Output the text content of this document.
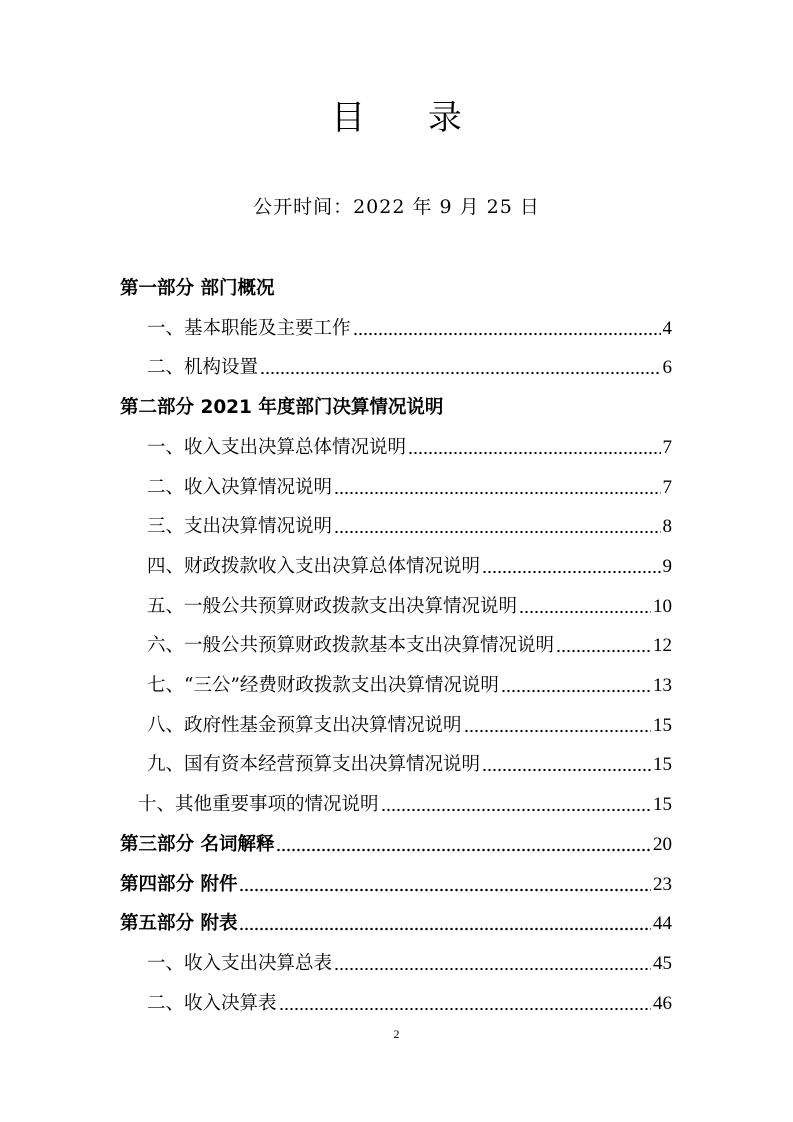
目 录
公开时间：2022 年 9 月 25 日
第一部分 部门概况
一、基本职能及主要工作	4
二、机构设置	6
第二部分 2021 年度部门决算情况说明
一、收入支出决算总体情况说明	7
二、收入决算情况说明	7
三、支出决算情况说明	8
四、财政拨款收入支出决算总体情况说明	9
五、一般公共预算财政拨款支出决算情况说明	10
六、一般公共预算财政拨款基本支出决算情况说明	12
七、“三公”经费财政拨款支出决算情况说明	13
八、政府性基金预算支出决算情况说明	15
九、国有资本经营预算支出决算情况说明	15
十、其他重要事项的情况说明	15
第三部分 名词解释	20
第四部分 附件	23
第五部分 附表	44
一、收入支出决算总表	45
二、收入决算表	46
2
